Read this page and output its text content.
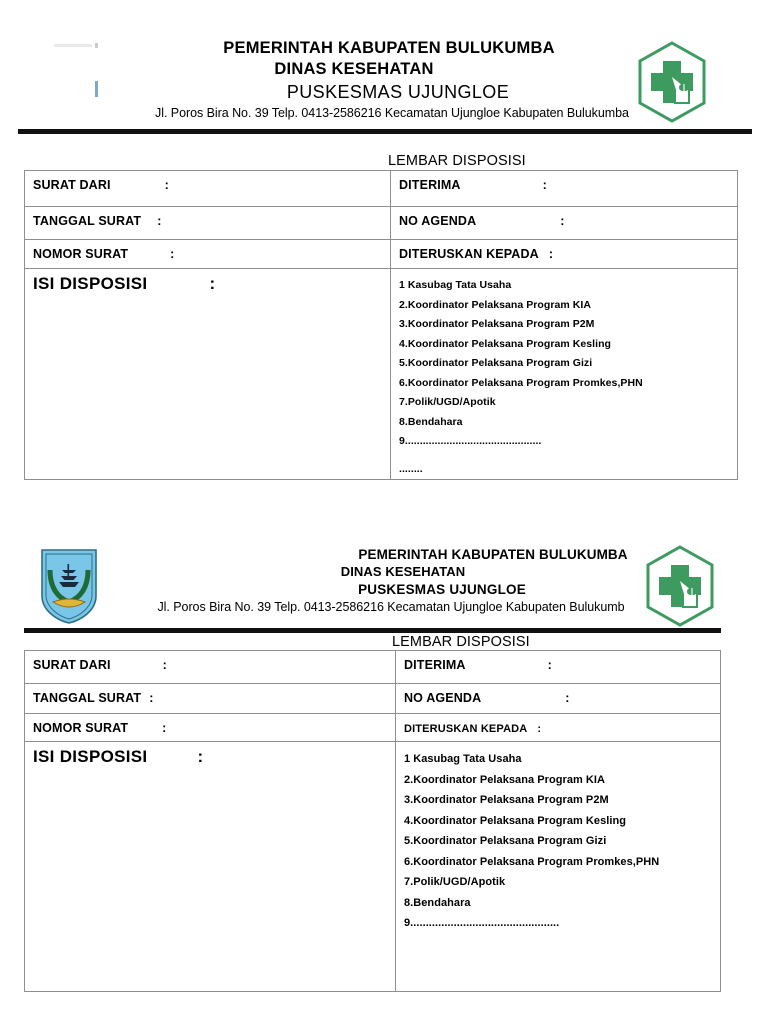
PEMERINTAH KABUPATEN BULUKUMBA
DINAS KESEHATAN
PUSKESMAS UJUNGLOE
Jl. Poros Bira No. 39 Telp. 0413-2586216 Kecamatan Ujungloe Kabupaten Bulukumba
LEMBAR DISPOSISI
SURAT DARI :	DITERIMA :
TANGGAL SURAT :	NO AGENDA :
NOMOR SURAT :	DITERUSKAN KEPADA :
ISI DISPOSISI	:	1 Kasubag Tata Usaha
2.Koordinator Pelaksana Program KIA
3.Koordinator Pelaksana Program P2M
4.Koordinator Pelaksana Program Kesling
5.Koordinator Pelaksana Program Gizi
6.Koordinator Pelaksana Program Promkes,PHN
7.Polik/UGD/Apotik
8.Bendahara
9..............................................
........
PEMERINTAH KABUPATEN BULUKUMBA
DINAS KESEHATAN
PUSKESMAS UJUNGLOE
Jl. Poros Bira No. 39 Telp. 0413-2586216 Kecamatan Ujungloe Kabupaten Bulukumb
LEMBAR DISPOSISI
SURAT DARI :	DITERIMA :
TANGGAL SURAT :	NO AGENDA :
NOMOR SURAT :	DITERUSKAN KEPADA :
ISI DISPOSISI	:	1 Kasubag Tata Usaha
2.Koordinator Pelaksana Program KIA
3.Koordinator Pelaksana Program P2M
4.Koordinator Pelaksana Program Kesling
5.Koordinator Pelaksana Program Gizi
6.Koordinator Pelaksana Program Promkes,PHN
7.Polik/UGD/Apotik
8.Bendahara
9................................................
